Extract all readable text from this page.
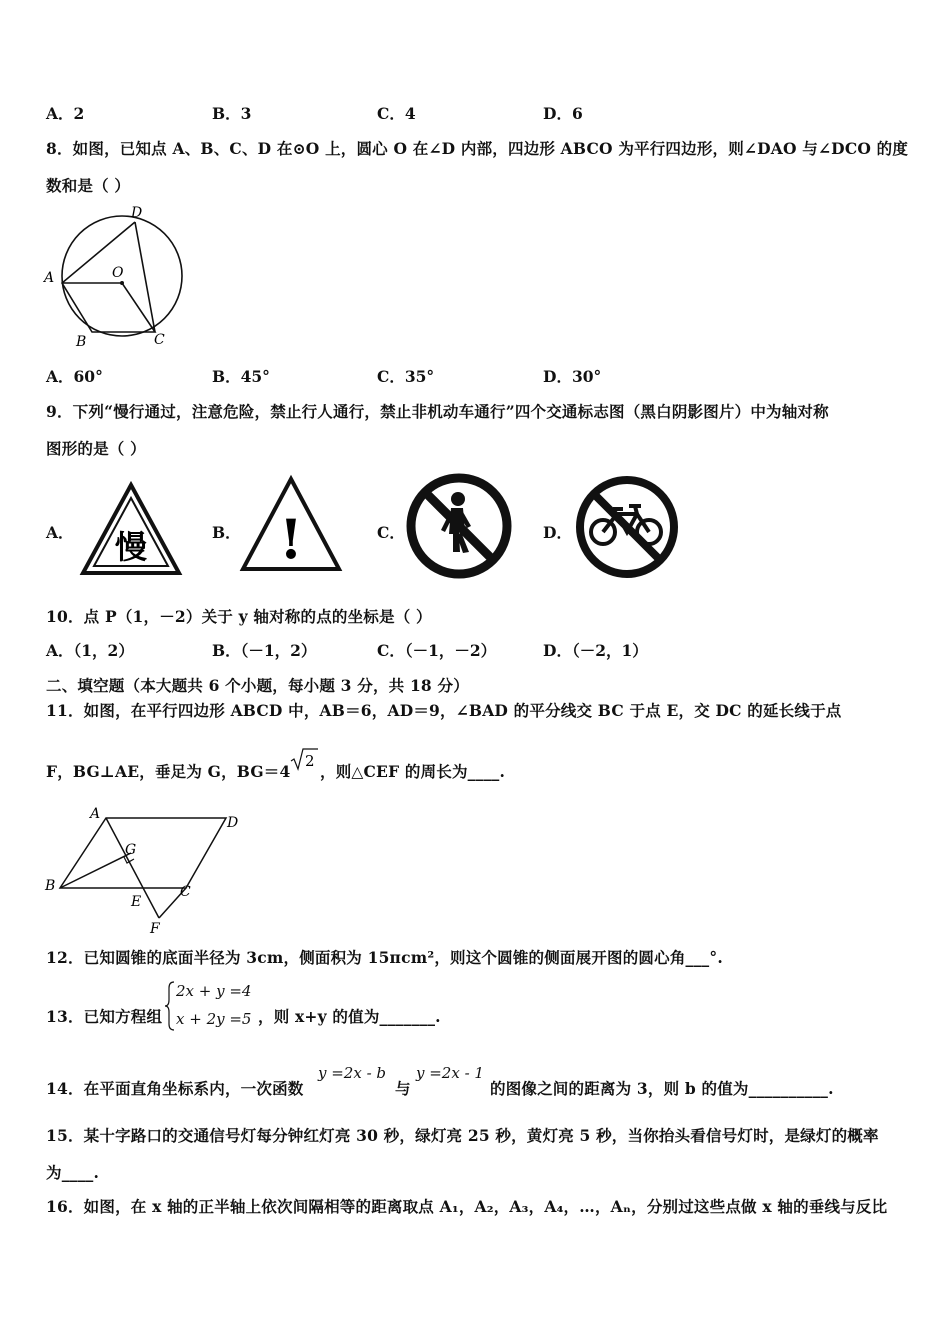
A．2	B．3	C．4	D．6
8．如图，已知点 A、B、C、D 在⊙O 上，圆心 O 在∠D 内部，四边形 ABCO 为平行四边形，则∠DAO 与∠DCO 的度
数和是（ ）
D
A	O
B	C
A．60°	B．45°	C．35°	D．30°
9．下列“慢行通过，注意危险，禁止行人通行，禁止非机动车通行”四个交通标志图（黑白阴影图片）中为轴对称
图形的是（ ）
A．	B．	C．	D．
慢 !
10．点 P（1，－2）关于 y 轴对称的点的坐标是（ ）
A．（1，2）	B．（－1，2）	C．（－1，－2）	D．（－2，1）
二、填空题（本大题共 6 个小题，每小题 3 分，共 18 分）
11．如图，在平行四边形 ABCD 中，AB＝6，AD＝9，∠BAD 的平分线交 BC 于点 E，交 DC 的延长线于点
F，BG⊥AE，垂足为 G，BG＝4
2
，则△CEF 的周长为____.
A
D
G
B
E
C
F
12．已知圆锥的底面半径为 3cm，侧面积为 15πcm²，则这个圆锥的侧面展开图的圆心角___°.
13．已知方程组
2x + y =4
x + 2y =5 ，则 x+y 的值为_______.
14．在平面直角坐标系内，一次函数
y =2x - b
与
y =2x - 1
的图像之间的距离为 3，则 b 的值为__________.
15．某十字路口的交通信号灯每分钟红灯亮 30 秒，绿灯亮 25 秒，黄灯亮 5 秒，当你抬头看信号灯时，是绿灯的概率
为____.
16．如图，在 x 轴的正半轴上依次间隔相等的距离取点 A₁，A₂，A₃，A₄，…，Aₙ，分别过这些点做 x 轴的垂线与反比
